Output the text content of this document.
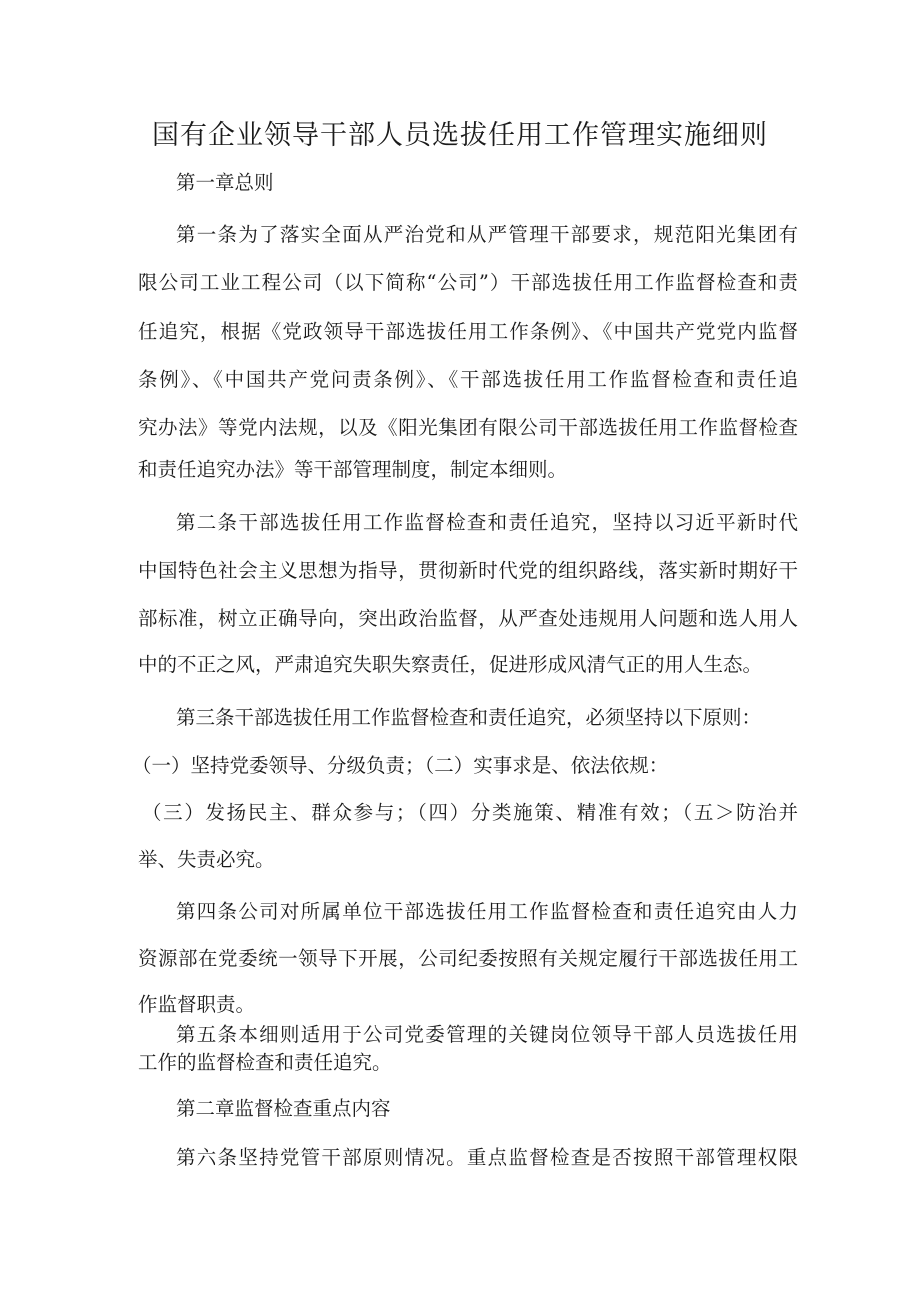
国有企业领导干部人员选拔任用工作管理实施细则

第一章总则

第一条为了落实全面从严治党和从严管理干部要求，规范阳光集团有

限公司工业工程公司（以下简称“公司”）干部选拔任用工作监督检查和责

任追究，根据《党政领导干部选拔任用工作条例》、《中国共产党党内监督

条例》、《中国共产党问责条例》、《干部选拔任用工作监督检查和责任追

究办法》等党内法规，以及《阳光集团有限公司干部选拔任用工作监督检查

和责任追究办法》等干部管理制度，制定本细则。

第二条干部选拔任用工作监督检查和责任追究，坚持以习近平新时代

中国特色社会主义思想为指导，贯彻新时代党的组织路线，落实新时期好干

部标准，树立正确导向，突出政治监督，从严查处违规用人问题和选人用人

中的不正之风，严肃追究失职失察责任，促进形成风清气正的用人生态。

第三条干部选拔任用工作监督检查和责任追究，必须坚持以下原则：

（一）坚持党委领导、分级负责；（二）实事求是、依法依规：

（三）发扬民主、群众参与；（四）分类施策、精准有效；（五＞防治并

举、失责必究。

第四条公司对所属单位干部选拔任用工作监督检查和责任追究由人力

资源部在党委统一领导下开展，公司纪委按照有关规定履行干部选拔任用工

作监督职责。

第五条本细则适用于公司党委管理的关键岗位领导干部人员选拔任用

工作的监督检查和责任追究。

第二章监督检查重点内容

第六条坚持党管干部原则情况。重点监督检查是否按照干部管理权限
